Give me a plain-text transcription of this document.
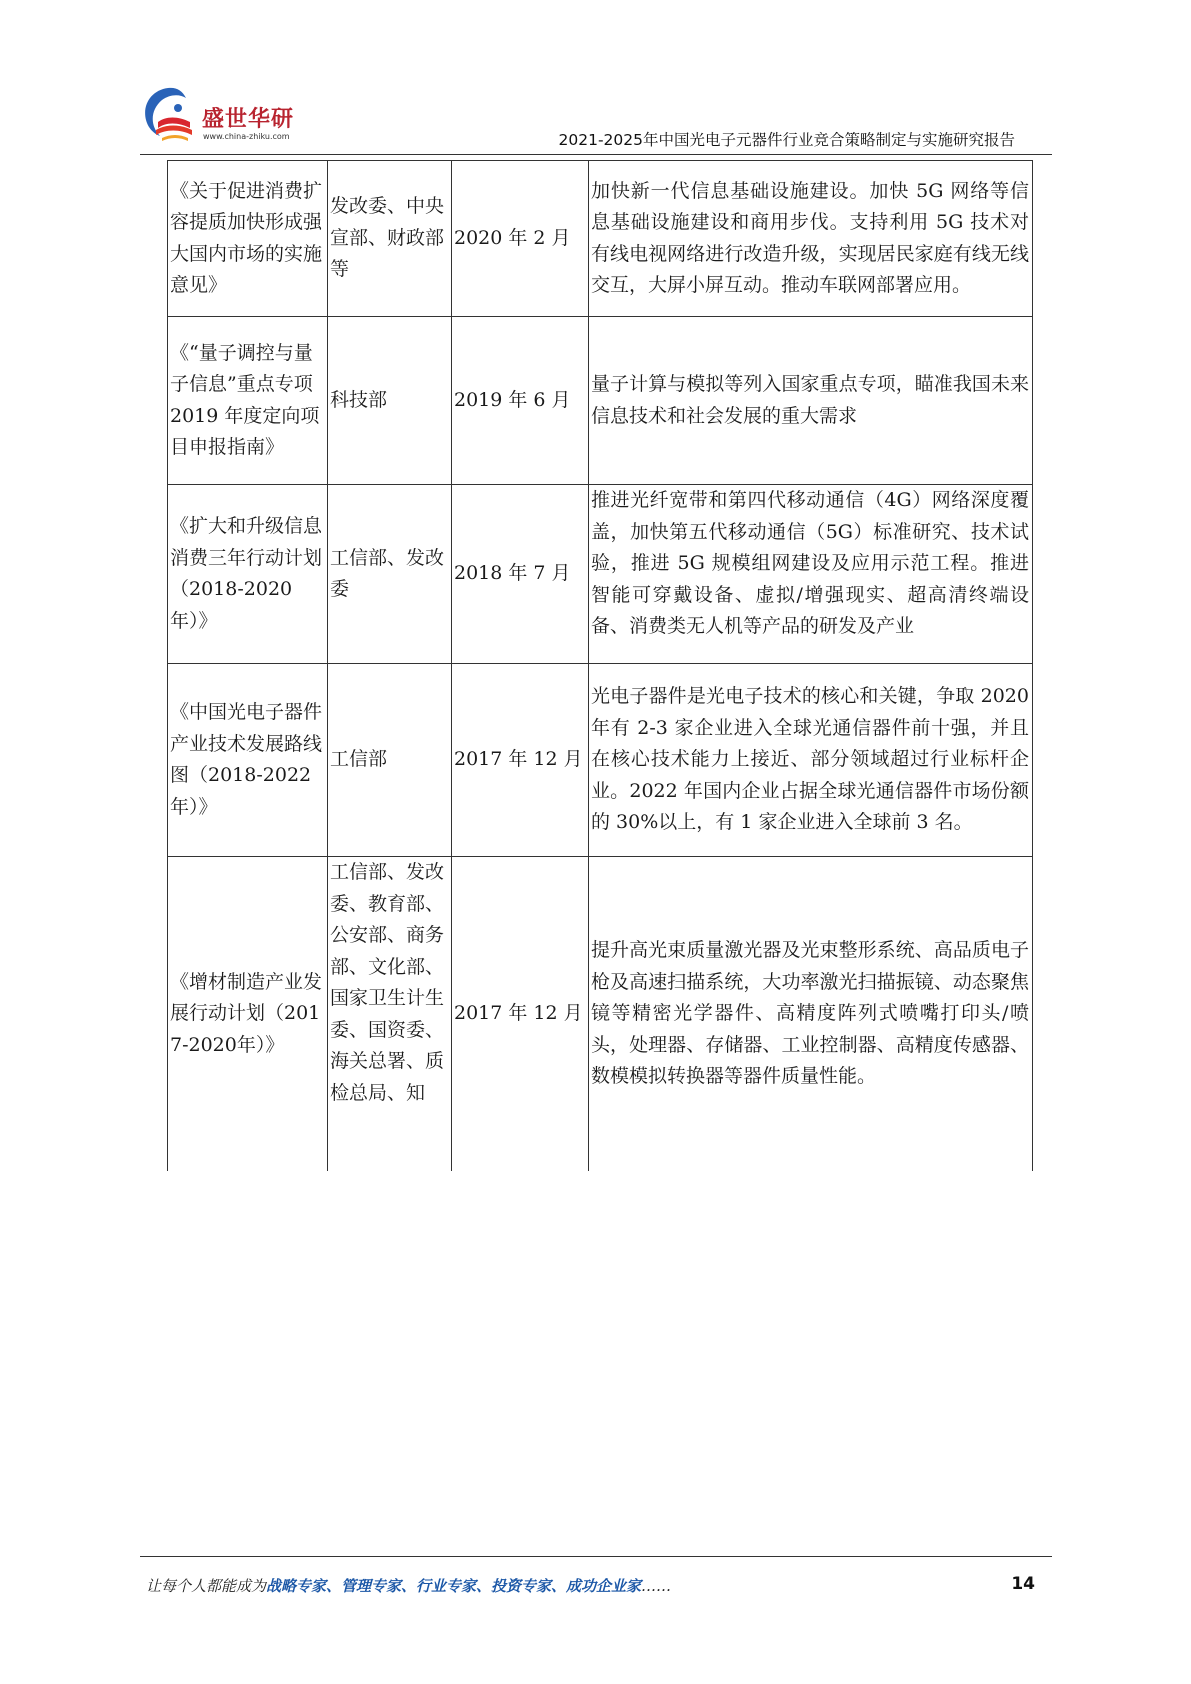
盛世华研
www.china-zhiku.com	2021-2025年中国光电子元器件行业竞合策略制定与实施研究报告
《关于促进消费扩容提质加快形成强大国内市场的实施意见》	发改委、中央宣部、财政部等	2020 年 2 月	加快新一代信息基础设施建设。加快 5G 网络等信息基础设施建设和商用步伐。支持利用 5G 技术对有线电视网络进行改造升级，实现居民家庭有线无线交互，大屏小屏互动。推动车联网部署应用。
《“量子调控与量子信息”重点专项 2019 年度定向项目申报指南》	科技部	2019 年 6 月	量子计算与模拟等列入国家重点专项，瞄准我国未来信息技术和社会发展的重大需求
《扩大和升级信息消费三年行动计划（2018-2020年）》	工信部、发改委	2018 年 7 月	推进光纤宽带和第四代移动通信（4G）网络深度覆盖，加快第五代移动通信（5G）标准研究、技术试验，推进 5G 规模组网建设及应用示范工程。推进智能可穿戴设备、虚拟/增强现实、超高清终端设备、消费类无人机等产品的研发及产业

《中国光电子器件产业技术发展路线图（2018-2022年）》	工信部	2017 年 12 月	光电子器件是光电子技术的核心和关键，争取 2020 年有 2-3 家企业进入全球光通信器件前十强，并且在核心技术能力上接近、部分领域超过行业标杆企业。2022 年国内企业占据全球光通信器件市场份额的 30%以上，有 1 家企业进入全球前 3 名。
《增材制造产业发展行动计划（2017-2020年）》	工信部、发改委、教育部、公安部、商务部、文化部、国家卫生计生委、国资委、海关总署、质检总局、知	2017 年 12 月	提升高光束质量激光器及光束整形系统、高品质电子枪及高速扫描系统，大功率激光扫描振镜、动态聚焦镜等精密光学器件、高精度阵列式喷嘴打印头/喷头，处理器、存储器、工业控制器、高精度传感器、数模模拟转换器等器件质量性能。
让每个人都能成为战略专家、管理专家、行业专家、投资专家、成功企业家……	14
